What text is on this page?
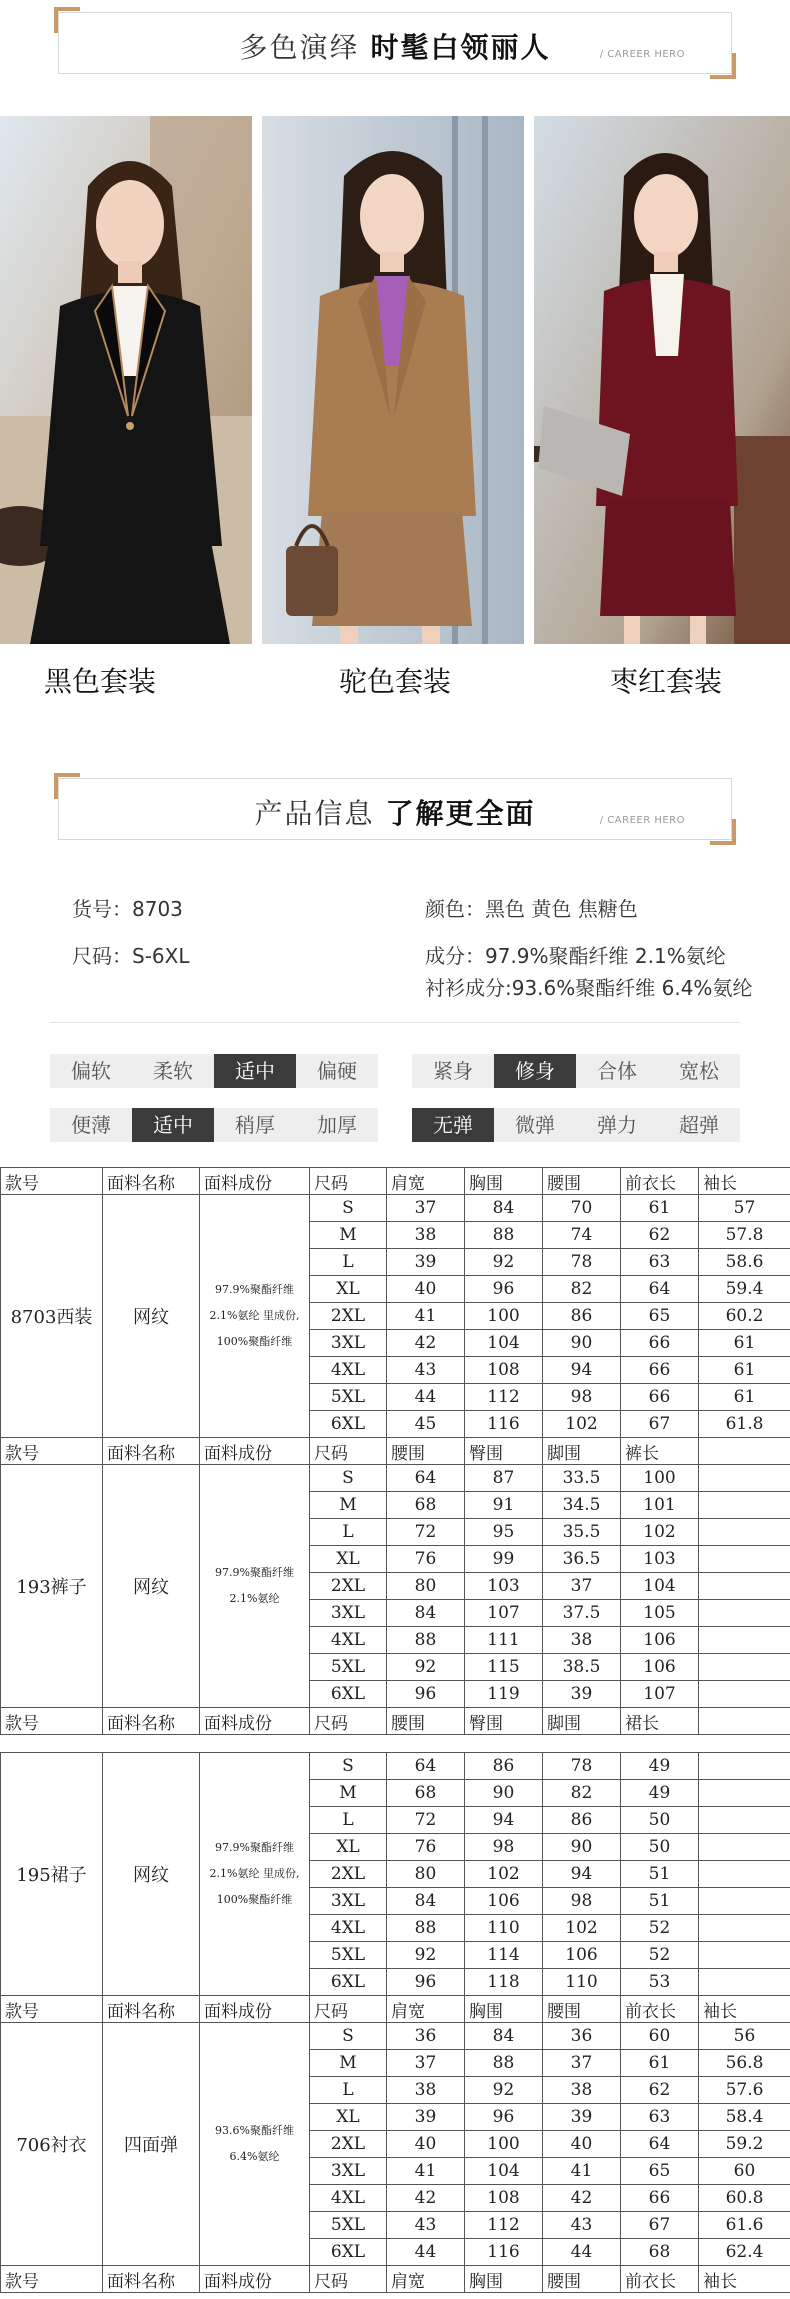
多色演绎 时髦白领丽人	/ CAREER HERO
黑色套装	驼色套装	枣红套装
产品信息 了解更全面	/ CAREER HERO
货号：8703	颜色：黑色 黄色 焦糖色
尺码：S-6XL	成分：97.9%聚酯纤维 2.1%氨纶
衬衫成分:93.6%聚酯纤维 6.4%氨纶
偏软	柔软	适中	偏硬	紧身	修身	合体	宽松
便薄	适中	稍厚	加厚	无弹	微弹	弹力	超弹
款号	面料名称	面料成份	尺码	肩宽	胸围	腰围	前衣长	袖长
8703西装	网纹	97.9%聚酯纤维 2.1%氨纶 里成份, 100%聚酯纤维	S	37	84	70	61	57
			M	38	88	74	62	57.8
			L	39	92	78	63	58.6
			XL	40	96	82	64	59.4
			2XL	41	100	86	65	60.2
			3XL	42	104	90	66	61
			4XL	43	108	94	66	61
			5XL	44	112	98	66	61
			6XL	45	116	102	67	61.8
款号	面料名称	面料成份	尺码	腰围	臀围	脚围	裤长	
193裤子	网纹	97.9%聚酯纤维 2.1%氨纶	S	64	87	33.5	100	
			M	68	91	34.5	101	
			L	72	95	35.5	102	
			XL	76	99	36.5	103	
			2XL	80	103	37	104	
			3XL	84	107	37.5	105	
			4XL	88	111	38	106	
			5XL	92	115	38.5	106	
			6XL	96	119	39	107	
款号	面料名称	面料成份	尺码	腰围	臀围	脚围	裙长	

195裙子	网纹	97.9%聚酯纤维 2.1%氨纶 里成份, 100%聚酯纤维	S	64	86	78	49	
			M	68	90	82	49	
			L	72	94	86	50	
			XL	76	98	90	50	
			2XL	80	102	94	51	
			3XL	84	106	98	51	
			4XL	88	110	102	52	
			5XL	92	114	106	52	
			6XL	96	118	110	53	
款号	面料名称	面料成份	尺码	肩宽	胸围	腰围	前衣长	袖长
706衬衣	四面弹	93.6%聚酯纤维 6.4%氨纶	S	36	84	36	60	56
			M	37	88	37	61	56.8
			L	38	92	38	62	57.6
			XL	39	96	39	63	58.4
			2XL	40	100	40	64	59.2
			3XL	41	104	41	65	60
			4XL	42	108	42	66	60.8
			5XL	43	112	43	67	61.6
			6XL	44	116	44	68	62.4
款号	面料名称	面料成份	尺码	肩宽	胸围	腰围	前衣长	袖长
